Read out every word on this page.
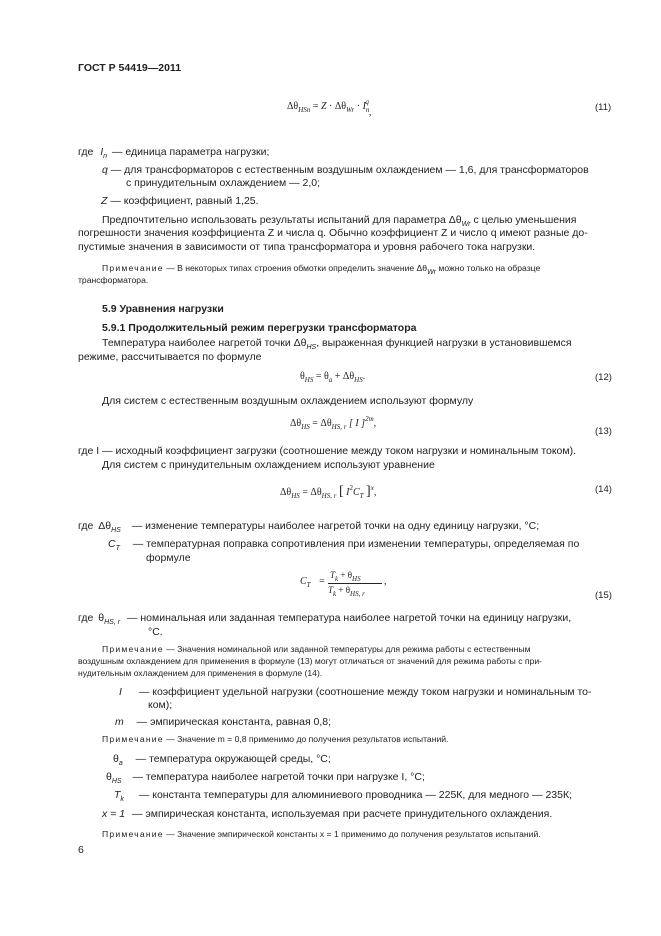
ГОСТ Р 54419—2011
$\Delta\theta_{HSn} = Z \cdot \Delta\theta_{Wr} \cdot I_n^q$,	(11)
где $I_n$ — единица параметра нагрузки;
q — для трансформаторов с естественным воздушным охлаждением — 1,6, для трансформаторов
с принудительным охлаждением — 2,0;
Z — коэффициент, равный 1,25.
Предпочтительно использовать результаты испытаний для параметра $\Delta\theta_{Wr}$ с целью уменьшения
погрешности значения коэффициента Z и числа q. Обычно коэффициент Z и число q имеют разные до-
пустимые значения в зависимости от типа трансформатора и уровня рабочего тока нагрузки.
Примечание — В некоторых типах строения обмотки определить значение $\Delta\theta_{Wr}$ можно только на образце
трансформатора.
5.9 Уравнения нагрузки
5.9.1 Продолжительный режим перегрузки трансформатора
Температура наиболее нагретой точки $\Delta\theta_{HS}$, выраженная функцией нагрузки в установившемся
режиме, рассчитывается по формуле
$\theta_{HS} = \theta_a + \Delta\theta_{HS}$.	(12)
Для систем с естественным воздушным охлаждением используют формулу
$\Delta\theta_{HS} = \Delta\theta_{HS, r}$ [ I ]$^{2m}$,
(13)
где I — исходный коэффициент загрузки (соотношение между током нагрузки и номинальным током).
Для систем с принудительным охлаждением используют уравнение
$\Delta\theta_{HS} = \Delta\theta_{HS, r}$ [ $I^2C_T$ ]$^x$,	(14)
где $\Delta\theta_{HS}$ — изменение температуры наиболее нагретой точки на одну единицу нагрузки, °С;
$C_T$ — температурная поправка сопротивления при изменении температуры, определяемая по
формуле
$C_T$ =
$T_k + \theta_{HS}$
$T_k + \theta_{HS, r}$
,
(15)
где $\theta_{HS, r}$ — номинальная или заданная температура наиболее нагретой точки на единицу нагрузки,
°С.
Примечание — Значения номинальной или заданной температуры для режима работы с естественным
воздушным охлаждением для применения в формуле (13) могут отличаться от значений для режима работы с при-
нудительным охлаждением для применения в формуле (14).
I — коэффициент удельной нагрузки (соотношение между током нагрузки и номинальным то-
ком);
m — эмпирическая константа, равная 0,8;
Примечание — Значение m = 0,8 применимо до получения результатов испытаний.
$\theta_a$ — температура окружающей среды, °С;
$\theta_{HS}$ — температура наиболее нагретой точки при нагрузке I, °С;
$T_k$ — константа температуры для алюминиевого проводника — 225К, для медного — 235К;
x = 1 — эмпирическая константа, используемая при расчете принудительного охлаждения.
Примечание — Значение эмпирической константы x = 1 применимо до получения результатов испытаний.
6
